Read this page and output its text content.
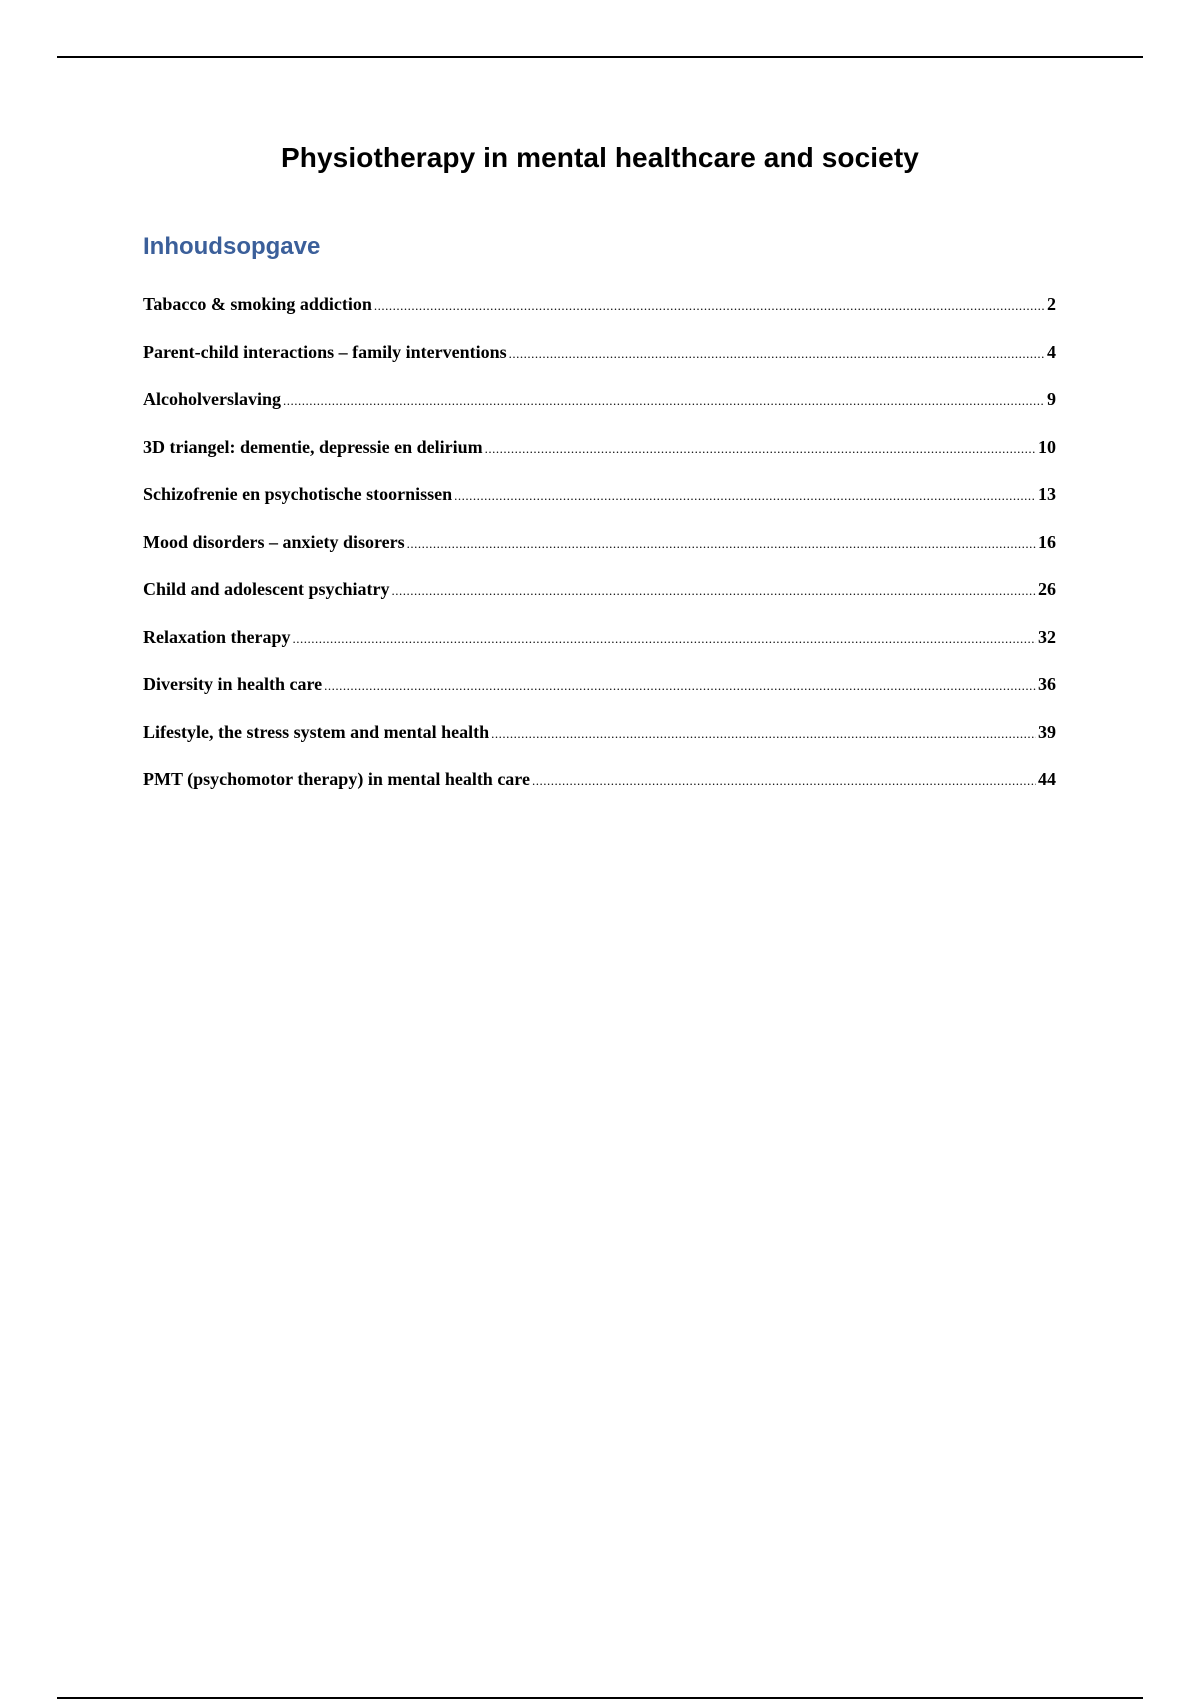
Physiotherapy in mental healthcare and society
Inhoudsopgave
Tabacco & smoking addiction .....	2
Parent-child interactions – family interventions .....	4
Alcoholverslaving .....	9
3D triangel: dementie, depressie en delirium .....	10
Schizofrenie en psychotische stoornissen .....	13
Mood disorders – anxiety disorers .....	16
Child and adolescent psychiatry .....	26
Relaxation therapy .....	32
Diversity in health care .....	36
Lifestyle, the stress system and mental health .....	39
PMT (psychomotor therapy) in mental health care .....	44
